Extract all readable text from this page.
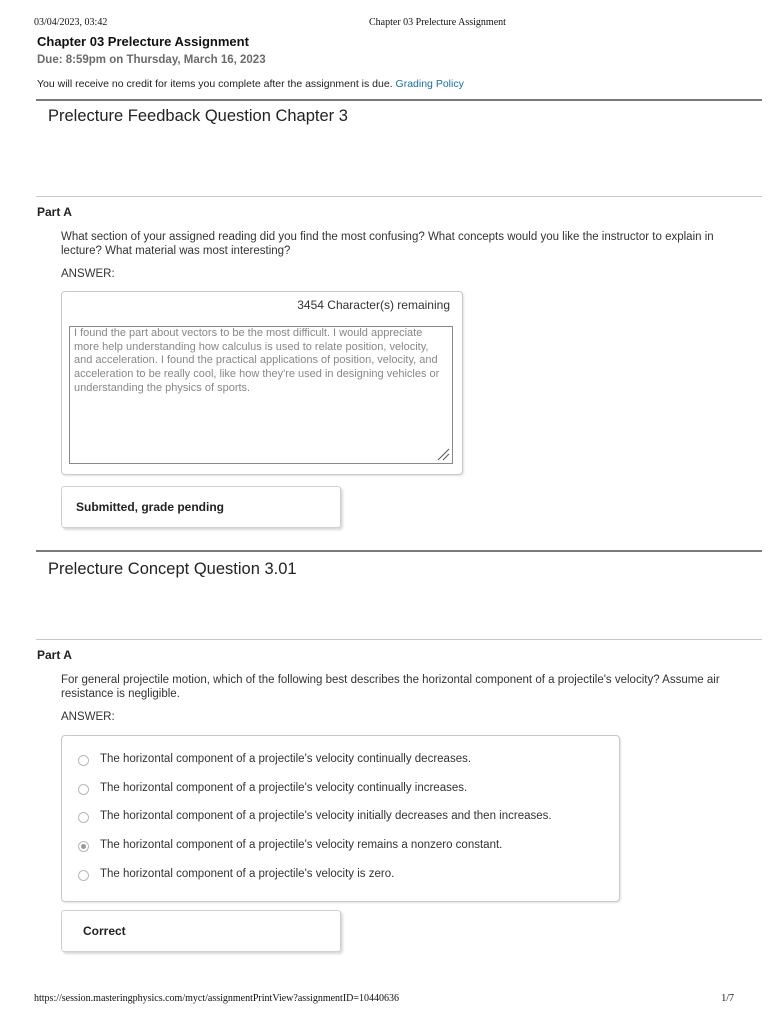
03/04/2023, 03:42	Chapter 03 Prelecture Assignment
Chapter 03 Prelecture Assignment
Due: 8:59pm on Thursday, March 16, 2023
You will receive no credit for items you complete after the assignment is due. Grading Policy
Prelecture Feedback Question Chapter 3
Part A
What section of your assigned reading did you find the most confusing? What concepts would you like the instructor to explain in lecture? What material was most interesting?
ANSWER:
3454 Character(s) remaining
I found the part about vectors to be the most difficult. I would appreciate more help understanding how calculus is used to relate position, velocity, and acceleration. I found the practical applications of position, velocity, and acceleration to be really cool, like how they're used in designing vehicles or understanding the physics of sports.
Submitted, grade pending
Prelecture Concept Question 3.01
Part A
For general projectile motion, which of the following best describes the horizontal component of a projectile's velocity? Assume air resistance is negligible.
ANSWER:
The horizontal component of a projectile's velocity continually decreases.
The horizontal component of a projectile's velocity continually increases.
The horizontal component of a projectile's velocity initially decreases and then increases.
The horizontal component of a projectile's velocity remains a nonzero constant.
The horizontal component of a projectile's velocity is zero.
Correct
https://session.masteringphysics.com/myct/assignmentPrintView?assignmentID=10440636	1/7
